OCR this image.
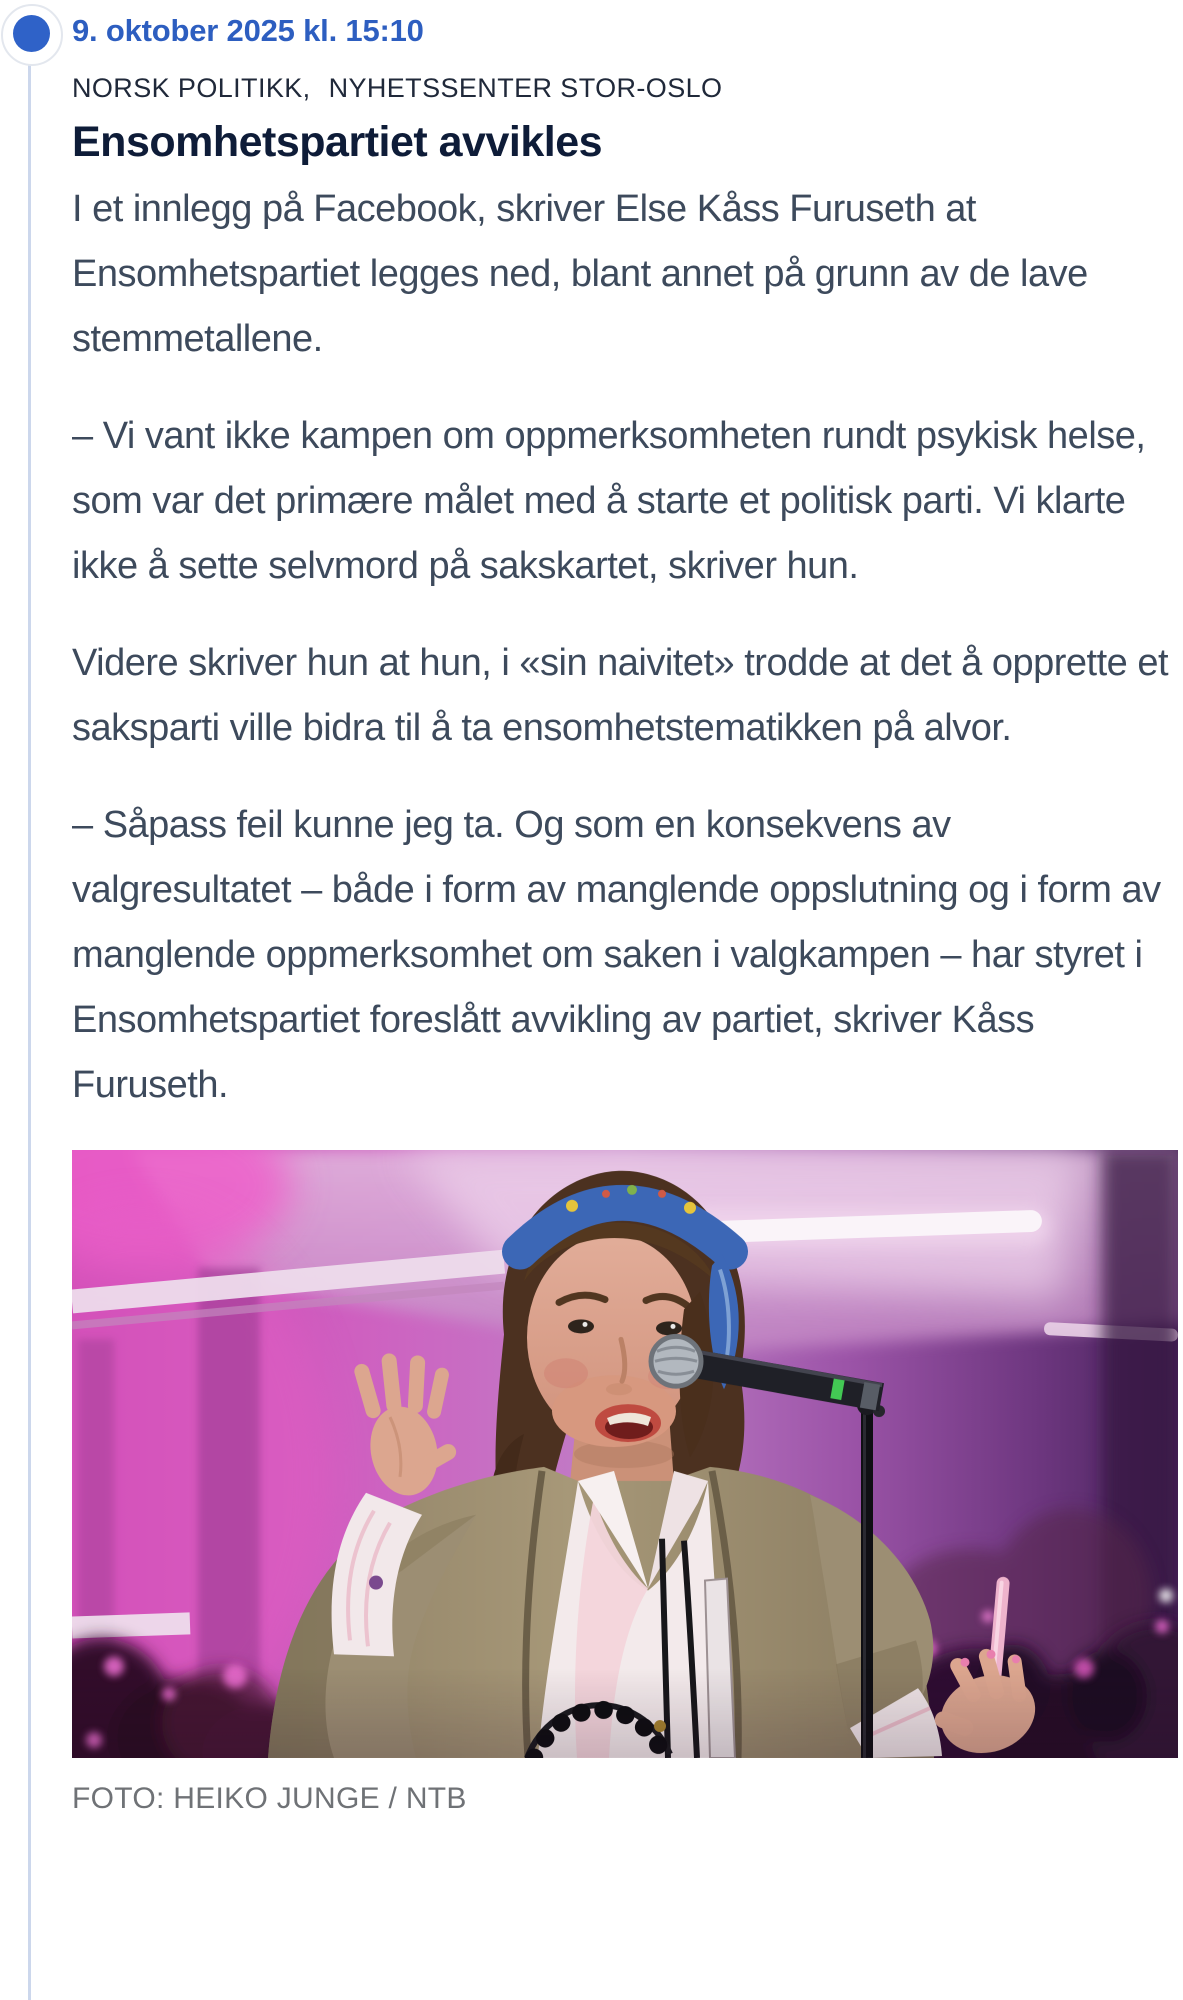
9. oktober 2025 kl. 15:10
NORSK POLITIKK, NYHETSSENTER STOR-OSLO
Ensomhetspartiet avvikles

I et innlegg på Facebook, skriver Else Kåss Furuseth at Ensomhetspartiet legges ned, blant annet på grunn av de lave stemmetallene.

– Vi vant ikke kampen om oppmerksomheten rundt psykisk helse, som var det primære målet med å starte et politisk parti. Vi klarte ikke å sette selvmord på sakskartet, skriver hun.

Videre skriver hun at hun, i «sin naivitet» trodde at det å opprette et saksparti ville bidra til å ta ensomhetstematikken på alvor.

– Såpass feil kunne jeg ta. Og som en konsekvens av valgresultatet – både i form av manglende oppslutning og i form av manglende oppmerksomhet om saken i valgkampen – har styret i Ensomhetspartiet foreslått avvikling av partiet, skriver Kåss Furuseth.

FOTO: HEIKO JUNGE / NTB
